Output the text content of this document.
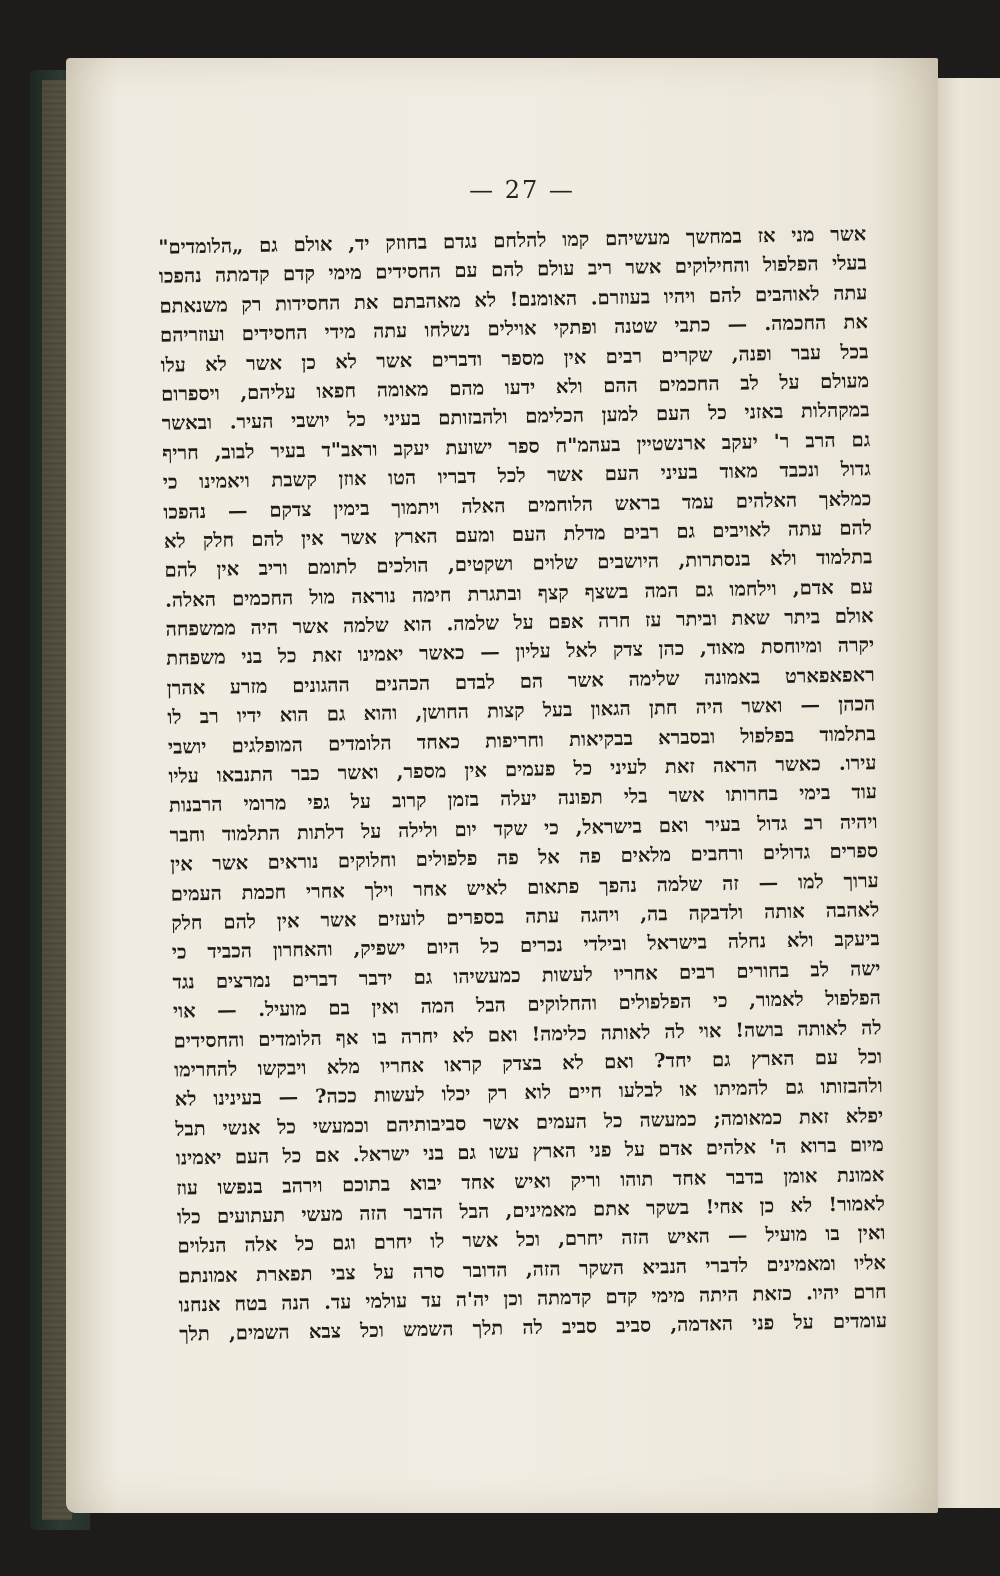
— 27 —
אשר מני אז במחשך מעשיהם קמו להלחם נגדם בחוזק יד, אולם גם „הלומדים"
בעלי הפלפול והחילוקים אשר ריב עולם להם עם החסידים מימי קדם קדמתה נהפכו
עתה לאוהבים להם ויהיו בעוזרם. האומנם! לא מאהבתם את החסידות רק משנאתם
את החכמה. — כתבי שטנה ופתקי אוילים נשלחו עתה מידי החסידים ועוזריהם
בכל עבר ופנה, שקרים רבים אין מספר ודברים אשר לא כן אשר לא עלו
מעולם על לב החכמים ההם ולא ידעו מהם מאומה חפאו עליהם, ויספרום
במקהלות באזני כל העם למען הכלימם ולהבזותם בעיני כל יושבי העיר. ובאשר
גם הרב ר' יעקב ארנשטיין בעהמ"ח ספר ישועת יעקב וראב"ד בעיר לבוב, חריף
גדול ונכבד מאוד בעיני העם אשר לכל דבריו הטו אוזן קשבת ויאמינו כי
כמלאך האלהים עמד בראש הלוחמים האלה ויתמוך בימין צדקם — נהפכו
להם עתה לאויבים גם רבים מדלת העם ומעם הארץ אשר אין להם חלק לא
בתלמוד ולא בנסתרות, היושבים שלוים ושקטים, הולכים לתומם וריב אין להם
עם אדם, וילחמו גם המה בשצף קצף ובתגרת חימה נוראה מול החכמים האלה.
אולם ביתר שאת וביתר עז חרה אפם על שלמה. הוא שלמה אשר היה ממשפחה
יקרה ומיוחסת מאוד, כהן צדק לאל עליון — כאשר יאמינו זאת כל בני משפחת
ראפאפארט באמונה שלימה אשר הם לבדם הכהנים ההגונים מזרע אהרן
הכהן — ואשר היה חתן הגאון בעל קצות החושן, והוא גם הוא ידיו רב לו
בתלמוד בפלפול ובסברא בבקיאות וחריפות כאחד הלומדים המופלגים יושבי
עירו. כאשר הראה זאת לעיני כל פעמים אין מספר, ואשר כבר התנבאו עליו
עוד בימי בחרותו אשר בלי תפונה יעלה בזמן קרוב על גפי מרומי הרבנות
ויהיה רב גדול בעיר ואם בישראל, כי שקד יום ולילה על דלתות התלמוד וחבר
ספרים גדולים ורחבים מלאים פה אל פה פלפולים וחלוקים נוראים אשר אין
ערוך למו — זה שלמה נהפך פתאום לאיש אחר וילך אחרי חכמת העמים
לאהבה אותה ולדבקה בה, ויהגה עתה בספרים לועזים אשר אין להם חלק
ביעקב ולא נחלה בישראל ובילדי נכרים כל היום ישפיק, והאחרון הכביד כי
ישה לב בחורים רבים אחריו לעשות כמעשיהו גם ידבר דברים נמרצים נגד
הפלפול לאמור, כי הפלפולים והחלוקים הבל המה ואין בם מועיל. — אוי
לה לאותה בושה! אוי לה לאותה כלימה! ואם לא יחרה בו אף הלומדים והחסידים
וכל עם הארץ גם יחד? ואם לא בצדק קראו אחריו מלא ויבקשו להחרימו
ולהבזותו גם להמיתו או לבלעו חיים לוא רק יכלו לעשות ככה? — בעינינו לא
יפלא זאת כמאומה; כמעשה כל העמים אשר סביבותיהם וכמעשי כל אנשי תבל
מיום ברוא ה' אלהים אדם על פני הארץ עשו גם בני ישראל. אם כל העם יאמינו
אמונת אומן בדבר אחד תוהו וריק ואיש אחד יבוא בתוכם וירהב בנפשו עוז
לאמור! לא כן אחי! בשקר אתם מאמינים, הבל הדבר הזה מעשי תעתועים כלו
ואין בו מועיל — האיש הזה יחרם, וכל אשר לו יחרם וגם כל אלה הנלוים
אליו ומאמינים לדברי הנביא השקר הזה, הדובר סרה על צבי תפארת אמונתם
חרם יהיו. כזאת היתה מימי קדם קדמתה וכן יה'ה עד עולמי עד. הנה בטח אנחנו
עומדים על פני האדמה, סביב סביב לה תלך השמש וכל צבא השמים, תלך
